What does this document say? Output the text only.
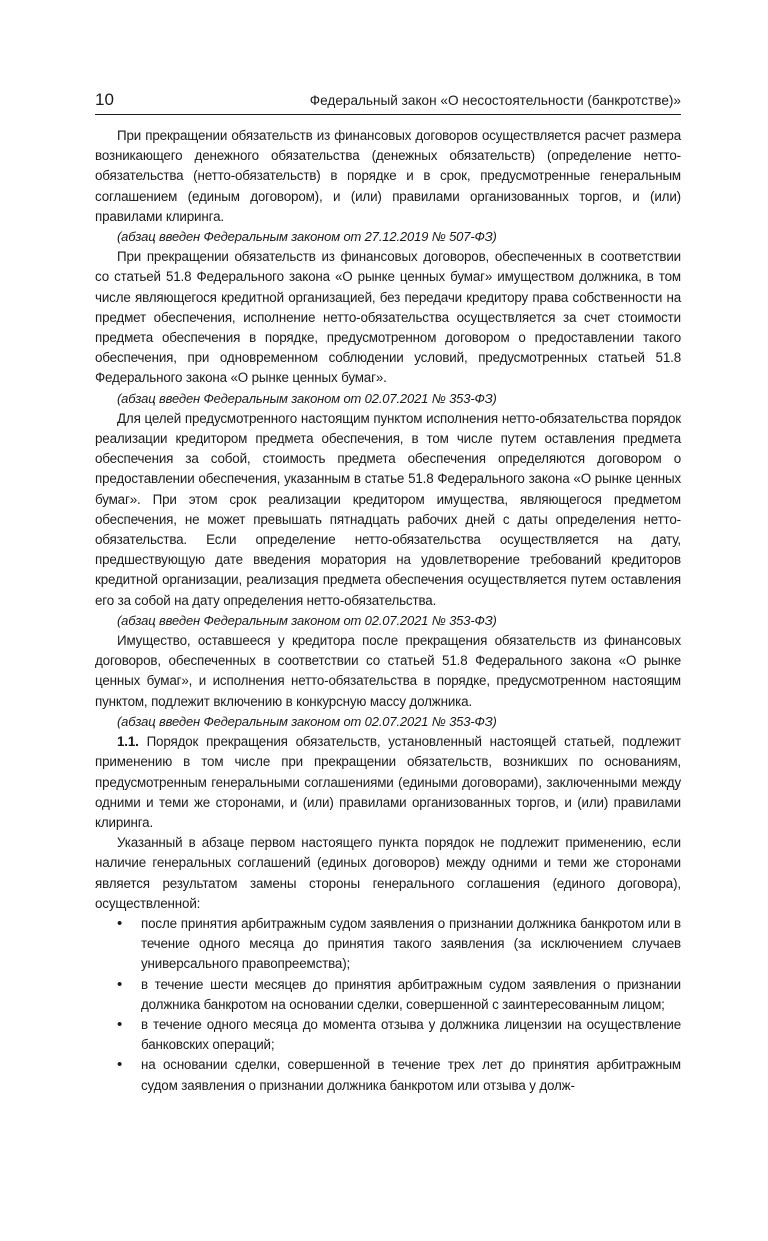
10	Федеральный закон «О несостоятельности (банкротстве)»

При прекращении обязательств из финансовых договоров осуществляется расчет размера возникающего денежного обязательства (денежных обязательств) (определение нетто-обязательства (нетто-обязательств) в порядке и в срок, предусмотренные генеральным соглашением (единым договором), и (или) правилами организованных торгов, и (или) правилами клиринга.

(абзац введен Федеральным законом от 27.12.2019 № 507-ФЗ)

При прекращении обязательств из финансовых договоров, обеспеченных в соответствии со статьей 51.8 Федерального закона «О рынке ценных бумаг» имуществом должника, в том числе являющегося кредитной организацией, без передачи кредитору права собственности на предмет обеспечения, исполнение нетто-обязательства осуществляется за счет стоимости предмета обеспечения в порядке, предусмотренном договором о предоставлении такого обеспечения, при одновременном соблюдении условий, предусмотренных статьей 51.8 Федерального закона «О рынке ценных бумаг».

(абзац введен Федеральным законом от 02.07.2021 № 353-ФЗ)

Для целей предусмотренного настоящим пунктом исполнения нетто-обязательства порядок реализации кредитором предмета обеспечения, в том числе путем оставления предмета обеспечения за собой, стоимость предмета обеспечения определяются договором о предоставлении обеспечения, указанным в статье 51.8 Федерального закона «О рынке ценных бумаг». При этом срок реализации кредитором имущества, являющегося предметом обеспечения, не может превышать пятнадцать рабочих дней с даты определения нетто-обязательства. Если определение нетто-обязательства осуществляется на дату, предшествующую дате введения моратория на удовлетворение требований кредиторов кредитной организации, реализация предмета обеспечения осуществляется путем оставления его за собой на дату определения нетто-обязательства.

(абзац введен Федеральным законом от 02.07.2021 № 353-ФЗ)

Имущество, оставшееся у кредитора после прекращения обязательств из финансовых договоров, обеспеченных в соответствии со статьей 51.8 Федерального закона «О рынке ценных бумаг», и исполнения нетто-обязательства в порядке, предусмотренном настоящим пунктом, подлежит включению в конкурсную массу должника.

(абзац введен Федеральным законом от 02.07.2021 № 353-ФЗ)

1.1. Порядок прекращения обязательств, установленный настоящей статьей, подлежит применению в том числе при прекращении обязательств, возникших по основаниям, предусмотренным генеральными соглашениями (едиными договорами), заключенными между одними и теми же сторонами, и (или) правилами организованных торгов, и (или) правилами клиринга.

Указанный в абзаце первом настоящего пункта порядок не подлежит применению, если наличие генеральных соглашений (единых договоров) между одними и теми же сторонами является результатом замены стороны генерального соглашения (единого договора), осуществленной:

• после принятия арбитражным судом заявления о признании должника банкротом или в течение одного месяца до принятия такого заявления (за исключением случаев универсального правопреемства);
• в течение шести месяцев до принятия арбитражным судом заявления о признании должника банкротом на основании сделки, совершенной с заинтересованным лицом;
• в течение одного месяца до момента отзыва у должника лицензии на осуществление банковских операций;
• на основании сделки, совершенной в течение трех лет до принятия арбитражным судом заявления о признании должника банкротом или отзыва у долж-
